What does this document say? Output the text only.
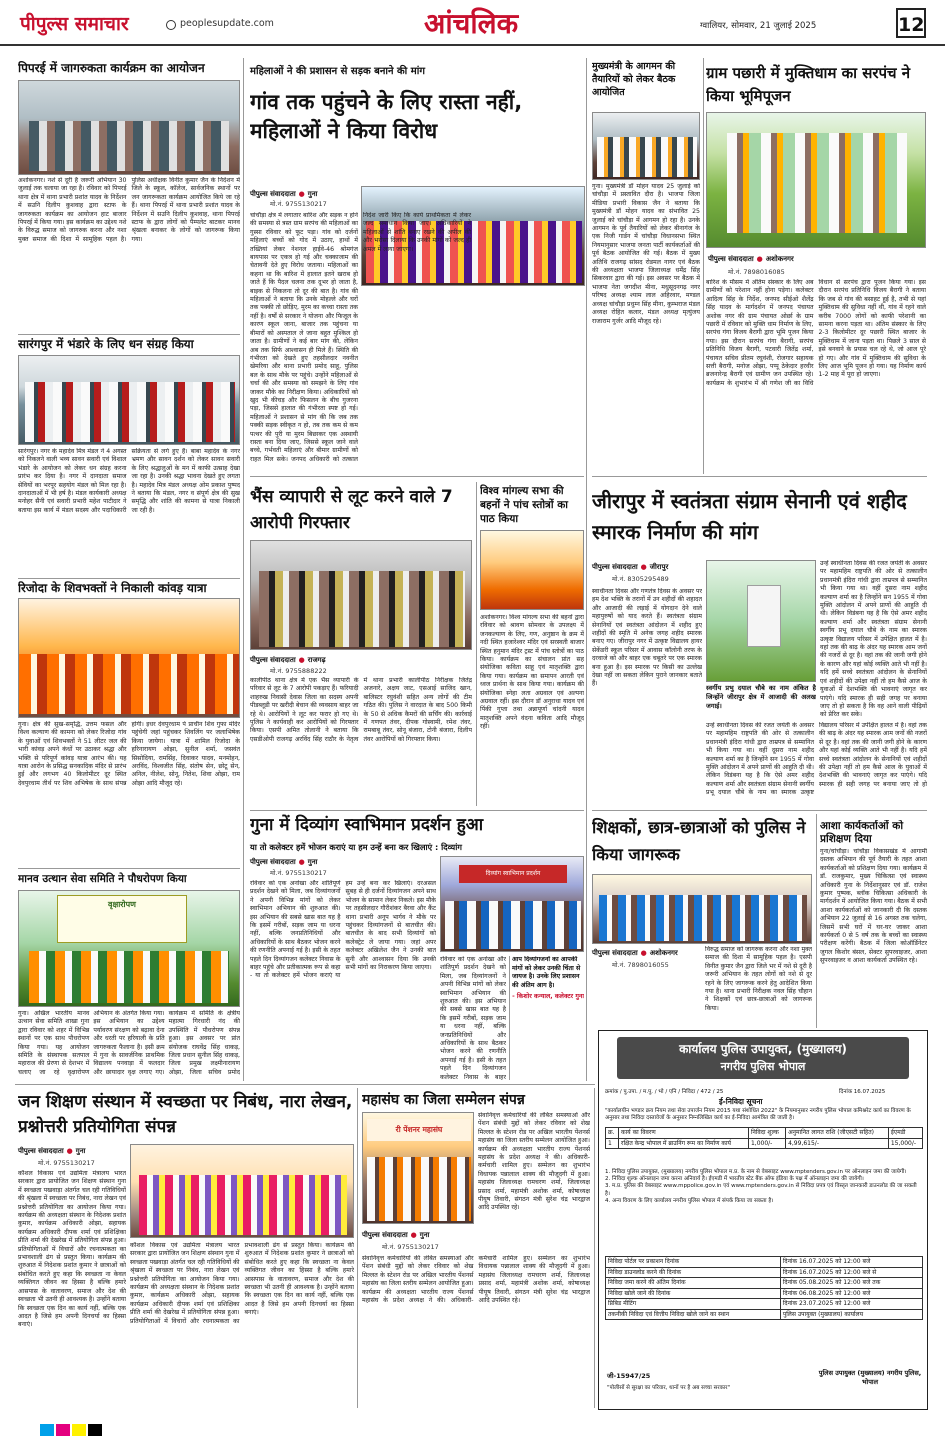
पीपुल्स समाचार	peoplesupdate.com	आंचलिक	ग्वालियर, सोमवार, 21 जुलाई 2025	12
पिपरई में जागरुकता कार्यक्रम का आयोजन
अशोकनगर। नशे से दूरी है जरूरी अभियान 30 जुलाई तक चलाया जा रहा है। रविवार को पिपरई थाना क्षेत्र में थाना प्रभारी प्रशांत यादव के निर्देशन में सउनि दिलीप कुशवाह द्वारा स्टाफ के जागरुकता कार्यक्रम का आयोजन हाट बाजार पिपरई में किया गया। इस कार्यक्रम का उद्देश्य नशे के विरुद्ध समाज को जागरुक करना और नशा मुक्त समाज की दिशा में सामूहिक पहल है। पुलिस अधीक्षक विनीत कुमार जैन के निर्देशन में जिले के स्कूल, कॉलेज, सार्वजनिक स्थानों पर जन जागरूकता कार्यक्रम आयोजित किये जा रहे हैं। थाना पिपरई में थाना प्रभारी प्रशांत यादव के निर्देशन में सउनि दिलीप कुशवाह, थाना पिपरई स्टाफ के द्वारा लोगों को पैम्पलेट बाटकर मानव श्रृंखला बनाकर के लोगों को जागरूक किया गया।
सारंगपुर में भंडारे के लिए धन संग्रह किया
सारंगपुर। नगर के महादेव मित्र मंडल ने 4 अगस्त को निकलने वाली भव्य सावन सवारी एवं विशाल भंडारे के आयोजन को लेकर धन संग्रह करना प्रारंभ कर दिया है। नगर में दानदाता समाज सेवियों का भरपूर सहयोग मंडल को मिल रहा है। दानदाताओं में भी हर्ष है। मंडल कार्यकारी अध्यक्ष मनोहर सैनी एवं सवारी प्रभारी महेश पाटीदार ने बताया इस कार्य में मंडल सदस्य और पदाधिकारी सक्रियता से लगे हुए हैं। बाबा महादेव के नगर भ्रमण और सावन दर्शन को लेकर सावन सवारी के लिए श्रद्धालुओं के मन में काफी उत्साह देखा जा रहा है। उनकी श्रद्धा भावना देखते हुए लगता है। महादेव मित्र मंडल अध्यक्ष ओम प्रकाश पुष्पद ने बताया कि मंडल, नगर व संपूर्ण क्षेत्र की सुख समृद्धि और शांति की कामना से यात्रा निकाली जा रही है।
रिजोदा के शिवभक्तों ने निकाली कांवड़ यात्रा
गुना। क्षेत्र की सुख-समृद्धि, उत्तम फसल और विश्व कल्याण की कामना को लेकर रिजोदा गांव के युवाओं एवं शिवभक्तों ने 51 लीटर जल की भारी कांवड़ अपने कंधों पर उठाकर श्रद्धा और भक्ति से परिपूर्ण कांवड़ यात्रा आरंभ की। यह यात्रा आरोन के प्रसिद्ध सनकादिक मंदिर से प्रारंभ हुई और लगभग 40 किलोमीटर दूर स्थित देवपुरधाम तीर्थ पर शिव अभिषेक के साथ संपन्न होगी। इधर देवपुरधाम पे प्राचीन शिव गुफा मंदिर पहुंचेगी जहां पहुंचकर शिवलिंग पर जलाभिषेक किया जायेगा। यात्रा में शामिल रिजोदा के हरिनारायण ओझा, सुनील शर्मा, जसवंत सिसोदिया, रामसिंह, दिवाकर यादव, मनमोहन, अरविंद, विश्वजीत सिंह, संतोष सेन, छोटू सेन, अनिल, नीलेश, सोनू, नितेश, शिवा ओझा, राम ओझा आदि मौजूद रहे।
मानव उत्थान सेवा समिति ने पौधरोपण किया
वृक्षारोपण
गुना। अखिल भारतीय मानव उत्थान सेवा समिति शाखा गुना द्वारा रविवार को शहर में विभिन्न स्थानों पर एक साथ पौधरोपण किया गया। यह आयोजन समिति के संस्थापक सतपाल महाराज की प्रेरणा से देशभर में चलाए जा रहे वृक्षारोपण अभियान के अंतर्गत किया गया। इस अभियान का उद्देश्य पर्यावरण संरक्षण को बढ़ावा देना और धरती पर हरियाली के प्रति जागरुकता फैलाना है। इसी क्रम में गुना के सावर्जनिक प्राथमिक विद्यालय पनवाड़ा में फलदार और छायादार वृक्ष लगाए गए। कार्यक्रम में समिति के क्षेत्रीय महात्मा गिरधारी नंद की उपस्थिति में पौधरोपण संपन्न हुआ। इस अवसर पर प्रांत संयोजक राघवेंद्र सिंह धाकड़, जिला प्रधान सुनील सिंह धाकड़, जिला प्रमुख लक्ष्मीनारायण ओझा, जिला सचिव प्रमोद
महिलाओं ने की प्रशासन से सड़क बनाने की मांग
गांव तक पहुंचने के लिए रास्ता नहीं, महिलाओं ने किया विरोध
पीपुल्स संवाददाता ● गुना
मो.नं. 9755130217
चांचौड़ा क्षेत्र में लगातार बारिश और सड़क न होने की समस्या से त्रस्त ग्राम सरपंच की महिलाओं का गुस्सा रविवार को फूट पड़ा। गांव को दर्जनों महिलाएं बच्चों को गोद में उठाए, हाथों में तख्तियां लेकर नेशनल हाईवे-46 श्रोमगंज बायपास पर एकत्र हो गई और चक्काजाम की चेतावनी देते हुए विरोध जताया। महिलाओं का कहना था कि बारिश में हालात इतने खराब हो जाते हैं कि पैदल चलना तक दूभर हो जाता है, बाइक से निकलना तो दूर की बात है। गांव की महिलाओं ने बताया कि उनके मोहल्ले और घरों तक पक्की तो छोड़िए, मुरम का कच्चा रास्ता तक नहीं है। वर्षों से सरकार ने योजना और फिजूल के कारण स्कूल जाना, बाजार तक पहुंचना या बीमारों को अस्पताल ले जाना बहुत मुश्किल हो जाता है। ग्रामीणों ने कई बार मांग की, लेकिन अब तक सिर्फ आश्वासन ही मिले हैं। स्थिति की गंभीरता को देखते हुए तहसीलदार नवनीत खेमरिया और थाना प्रभारी प्रमोद साहू, पुलिस बल के साथ मौके पर पहुंचे। उन्होंने महिलाओं से चर्चा की और समस्या को समझने के लिए गांव जाकर मौके का निरीक्षण किया। अधिकारियों को खुद भी कीचड़ और फिसलन के बीच गुजरना पड़ा, जिससे हालात की गंभीरता स्पष्ट हो गई। महिलाओं ने प्रशासन से मांग की कि जब तक पक्की सड़क स्वीकृत न हो, तब तक कम से कम पत्थर की पुरी या मुरम बिछाकर एक अस्थायी रास्ता बना दिया जाए, जिससे स्कूल जाने वाले बच्चे, गर्भवती महिलाएं और बीमार ग्रामीणों को राहत मिल सके। जनपद अधिकारी को तत्काल निर्देश जारी किए कि कार्य प्राथमिकता में लेकर जल्द समाधान किया जाए। अधिकारियों ने महिलाओं से शांति बनाए रखने की अपील की और भरोसा दिलाया कि उनकी मांगों को जल्द ही अमल में लाया जाएगा।
भैंस व्यापारी से लूट करने वाले 7 आरोपी गिरफ्तार
पीपुल्स संवाददाता ● राजगढ़
मो.नं. 9755888222
कालीपीठ थाना क्षेत्र में एक भैंस व्यापारी के परिवार से लूट के 7 आरोपी पकड़ाए हैं। फरियादी शाहरुख निवासी देवास जिला का सदस्य अपनी पीडब्लूडी पर खरीदी बेचान की व्यवसाय बाहर जा रहे थे। आरोपियों ने लूट कर फरार हो गए थे। पुलिस ने कार्यवाही कर आरोपियों को गिरफ्तार किया। एसपी अमित तोलानी ने बताया कि एसडीओपी राजगढ़ अरविंद सिंह राठौर के नेतृत्व में थाना प्रभारी कालीपीठ निरीक्षक जितेंद्र अजनारे, अक्षय जाट, एसआई साजिद खान, बालिस्टर रघुवंशी सहित अन्य लोगों की टीम गठित की। पुलिस ने वारदात के बाद 500 किमी के 50 से अधिक कैमरों की सर्चिंग की। कार्रवाई में गणपत तंवर, दीपक गोस्वामी, रमेश तंवर, रामबाबू तंवर, सोनू बंजारा, टोनी बंजारा, दिलीप तंवर आरोपियों को गिरफ्तार किया।
विश्व मांगल्य सभा की बहनों ने पांच स्तोत्रों का पाठ किया
अशोकनगर। विश्व मांगल्य सभा की बहनों द्वारा रविवार को श्रावण सोमवार के उपलक्ष्य में जनकल्याण के लिए, गण, अनुष्ठान के क्रम में नदी स्थित हजारेश्वर मंदिर एवं सरस्वती बाजार स्थित हनुमान मंदिर ट्रस्ट में पांच स्तोत्रों का पाठ किया। कार्यक्रम का संचालन प्रांत सह संयोजिका कविता साहू एवं मातृशक्ति द्वारा किया गया। कार्यक्रम का समापन आरती एवं ध्वज प्रार्थना के साथ किया गया। कार्यक्रम की संयोजिका स्नेहा लता अग्रवाल एवं अल्पना अग्रवाल रहीं। इस दौरान डॉ अनुराधा यादव एवं पिंकी गुप्ता तथा अन्नापूर्णा चांदनी यादव मातृशक्ति अपने वंदना कविता आदि मौजूद रहीं।
गुना में दिव्यांग स्वाभिमान प्रदर्शन हुआ
या तो कलेक्टर हमें भोजन कराएं या हम उन्हें बना कर खिलाएं : दिव्यांग
पीपुल्स संवाददाता ● गुना
मो.नं. 9755130217	दिव्यांग स्वाभिमान प्रदर्शन
रविवार को एक अनोखा और शांतिपूर्ण प्रदर्शन देखने को मिला, जब दिव्यांगजनों ने अपनी विभिन्न मांगों को लेकर स्वाभिमान अभियान की शुरुआत की। इस अभियान की सबसे खास बात यह है कि इसमें गरीबों, सड़क जाम या धरना नहीं, बल्कि जनप्रतिनिधियों और अधिकारियों के साथ बैठकर भोजन करने की रणनीति अपनाई गई है। इसी के तहत पहले दिन दिव्यांगजन कलेक्टर निवास के बाहर पहुंचे और प्रतीकात्मक रूप से कहा - या तो कलेक्टर हमें भोजन कराएं या हम उन्हें बना कर खिलाएं। दरअसल सुबह से ही दर्जनों दिव्यांगजन अपने साथ भोजन के सामान लेकर निकले। इस मौके पर तहसीलदार गौरीशंकर बैरवा और कैंट थाना प्रभारी अनूप भार्गव ने मौके पर पहुंचकर दिव्यांगजनों से बातचीत की। बातचीत के बाद सभी दिव्यांगों को कलेक्ट्रेट ले जाया गया। जहां अपर कलेक्टर अखिलेश जैन ने उनकी बात सुनी और आश्वासन दिया कि उनकी सभी मांगों का निराकरण किया जाएगा।
रविवार को एक अनोखा और शांतिपूर्ण प्रदर्शन देखने को मिला, जब दिव्यांगजनों ने अपनी विभिन्न मांगों को लेकर स्वाभिमान अभियान की शुरुआत की। इस अभियान की सबसे खास बात यह है कि इसमें गरीबों, सड़क जाम या धरना नहीं, बल्कि जनप्रतिनिधियों और अधिकारियों के साथ बैठकर भोजन करने की रणनीति अपनाई गई है। इसी के तहत पहले दिन दिव्यांगजन कलेक्टर निवास के बाहर
आप दिव्यांगजनों का आपकी मांगों को लेकर उनकी चिंता से जायज है। उनके लिए प्रशासन की अंतिम आग है।
- किशोर कन्याल, कलेक्टर गुना
मुख्यमंत्री के आगमन की तैयारियों को लेकर बैठक आयोजित
गुना। मुख्यमंत्री डॉ मोहन यादव 25 जुलाई को चांचौड़ा में प्रस्तावित दौरा है। भाजपा जिला मीडिया प्रभारी विकास जैन ने बताया कि मुख्यमंत्री डॉ मोहन यादव का संभावित 25 जुलाई को चांचौड़ा में आगमन हो रहा है। उनके आगमन के पूर्व तैयारियों को लेकर बीनागंज के एक निजी गार्डन में चांचौड़ा विधानसभा स्थित नियमानुसार भाजपा जनता पार्टी कार्यकर्ताओं की पूर्व बैठक आयोजित की गई। बैठक में मुख्य अतिथि राजगढ़ सांसद रोडमल नागर एवं बैठक की अध्यक्षता भाजपा जिलाध्यक्ष धर्मेंद्र सिंह सिकरवार द्वारा की गई। इस अवसर पर बैठक में भाजपा नेता जगदीश मीना, मधुसूदनगढ़ नगर परिषद अध्यक्ष श्याम लाल अहिरवार, मण्डल अध्यक्ष चांचौड़ा प्रधुम्न सिंह मीना, कुम्भराज मंडल अध्यक्ष रोहित कलार, मंडल अध्यक्ष मृत्युंजय राजाराम गुर्जर आदि मौजूद रहे।
ग्राम पछारी में मुक्तिधाम का सरपंच ने किया भूमिपूजन
पीपुल्स संवाददाता ● अशोकनगर
मो.नं. 7898016085
बारिश के मौसम में अंतिम संस्कार के लिए अब ग्रामीणों को परेशान नहीं होना पड़ेगा। कलेक्टर आदित्य सिंह के निर्देश, जनपद सीईओ शैलेंद्र सिंह यादव के मार्गदर्शन में जनपद पंचायत अशोक नगर की ग्राम पंचायत ओर्छा के ग्राम पछारी में रविवार को मुक्ति धाम निर्माण के लिए, सरपंच गंगा विजय बैरागी द्वारा भूमि पूजन किया गया। इस दौरान सरपंच गंगा बैरागी, सरपंच प्रतिनिधि विजय बैरागी, पटवारी जितेंद्र शर्मा, पंचायत सचिव प्रीतम रघुवंशी, रोजगार सहायक सत्ती बैरागी, मनोज ओझा, पप्पू ठेकेदार हरवीर ब्रजनारेन्द्र बैरागी एवं ग्रामीण जन उपस्थित रहे। कार्यक्रम के शुभारंभ में श्री गणेश जी का विधि विधान से सरपंच द्वारा पूजन किया गया। इस दौरान सरपंच प्रतिनिधि विजय बैरागी ने बताया कि जब से गांव की बसाहट हुई है, तभी से यहां मुक्तिधाम की सुविधा नहीं थी, गांव में रहने वाले करीब 7000 लोगों को काफी परेशानी का सामना करना पड़ता था। अंतिम संस्कार के लिए 2-3 किलोमीटर दूर पछारी स्थित बाजार के मुक्तिधाम में जाना पड़ता था। पिछले 3 साल से इसे बनवाने के प्रयास चल रहे थे, जो आज पूरे हो गए। और गांव में मुक्तिधाम की सुविधा के लिए आज भूमि पूजन हो गया। यह निर्माण कार्य 1-2 माह में पूरा हो जाएगा।
जीरापुर में स्वतंत्रता संग्राम सेनानी एवं शहीद स्मारक निर्माण की मांग
पीपुल्स संवाददाता ● जीरापुर
मो.नं. 8305295489
स्वाधीनता दिवस और गणतंत्र दिवस के अवसर पर हम देश भक्ति के तरानों में उन शहीदों की शहादत और आजादी की लड़ाई में योगदान देने वाले महापुरुषों को याद करते हैं। स्वतंत्रता संग्राम सेनानियों एवं स्वतंत्रता आंदोलन में शहीद हुए शहीदों की स्मृति में अनेक जगह शहीद स्मारक बनाए गए। जीरापुर नगर में उत्कृष्ट विद्यालय हायर सेकेंडरी स्कूल परिसर में आवास काॅलोनी तरफ के दरवाजे को और बाहर एक चबूतरे पर एक स्मारक बना हुआ है। इस स्मारक पर किसी का उल्लेख देखा नहीं जा सकता लेकिन पुराने जानकार बताते हैं।
स्वर्गीय प्रभु दयाल चौबे का नाम अंकित है जिन्होंने जीरापुर क्षेत्र में आजादी की अलख जगाई।
उन्हें स्वाधीनता दिवस की रजत जयंती के अवसर पर महामहिम राष्ट्रपति की ओर से तत्कालीन प्रधानमंत्री इंदिरा गांधी द्वारा ताम्रपत्र से सम्मानित भी किया गया था। वहीं दूसरा नाम शहीद कल्याण शर्मा का है जिन्होंने सन 1955 में गोवा मुक्ति आंदोलन में अपने प्राणों की आहुति दी थी। लेकिन विडंबना यह है कि ऐसे अमर शहीद कल्याण शर्मा और स्वतंत्रता संग्राम सेनानी स्वर्गीय प्रभू दयाल चौबे के नाम का स्मारक उत्कृष्ट विद्यालय परिसर में उपेक्षित हालत में है। वहां तक की बाढ़ के अंदर यह स्मारक आम जनों की नजरों से दूर है। वहां तक की जानी जगी होने के कारण और यहां कोई व्यक्ति आते भी नहीं है। यदि हमें सच्चे स्वतंत्रता आंदोलन के सेनानियों एवं शहीदों की उपेक्षा नहीं तो हम कैसे आज के युवाओं में देशभक्ति की भावनाएं जागृत कर पाएंगे। यदि स्मारक ही सही जगह पर बनाया जाए तो हो
उन्हें स्वाधीनता दिवस की रजत जयंती के अवसर पर महामहिम राष्ट्रपति की ओर से तत्कालीन प्रधानमंत्री इंदिरा गांधी द्वारा ताम्रपत्र से सम्मानित भी किया गया था। वहीं दूसरा नाम शहीद कल्याण शर्मा का है जिन्होंने सन 1955 में गोवा मुक्ति आंदोलन में अपने प्राणों की आहुति दी थी। लेकिन विडंबना यह है कि ऐसे अमर शहीद कल्याण शर्मा और स्वतंत्रता संग्राम सेनानी स्वर्गीय प्रभू दयाल चौबे के नाम का स्मारक उत्कृष्ट विद्यालय परिसर में उपेक्षित हालत में है। वहां तक की बाढ़ के अंदर यह स्मारक आम जनों की नजरों से दूर है। वहां तक की जानी जगी होने के कारण और यहां कोई व्यक्ति आते भी नहीं है। यदि हमें सच्चे स्वतंत्रता आंदोलन के सेनानियों एवं शहीदों की उपेक्षा नहीं तो हम कैसे आज के युवाओं में देशभक्ति की भावनाएं जागृत कर पाएंगे। यदि स्मारक ही सही जगह पर बनाया जाए तो हो सकता है कि वह आने वाली पीढ़ियों को प्रेरित कर सके।
शिक्षकों, छात्र-छात्राओं को पुलिस ने किया जागरूक
पीपुल्स संवाददाता ● अशोकनगर
मो.नं. 7898016055
विरुद्ध समाज को जागरुक करना और नशा मुक्त समाज की दिशा में सामूहिक पहल है। एसपी विनीत कुमार जैन द्वारा जिले भर में नशे से दूरी है जरूरी अभियान के तहत लोगों को नशे से दूर रहने के लिए जागरूक करने हेतु आदेशित किया गया है। थाना प्रभारी निरीक्षक नवल सिंह चौहान ने शिक्षकों एवं छात्र-छात्राओं को जागरूक किया।
आशा कार्यकर्ताओं को प्रशिक्षण दिया
गुना/चांचौड़ा। चांचौड़ा विकासखंड में आगामी दस्तक अभियान की पूर्व तैयारी के तहत आशा कार्यकर्ताओं को प्रशिक्षण दिया गया। कार्यक्रम में डॉ. राजकुमार, मुख्य चिकित्सा एवं स्वास्थ्य अधिकारी गुना के निर्देशानुसार एवं डॉ. राजेश कुमार पुष्पक, ब्लॉक चिकित्सा अधिकारी के मार्गदर्शन में आयोजित किया गया। बैठक में सभी आशा कार्यकर्ताओं को जानकारी दी कि दस्तक अभियान 22 जुलाई से 16 अगस्त तक चलेगा, जिसमें सभी घरों में घर-घर जाकर आशा कार्यकर्ता 0 से 5 वर्ष तक के बच्चों का स्वास्थ्य परीक्षण करेंगी। बैठक में जिला कोऑर्डिनेटर जुगल किशोर बंसल, सेक्टर सुपरवाइजर, आशा सुपरवाइजर व आशा कार्यकर्ता उपस्थित रहे।
कार्यालय पुलिस उपायुक्त, (मुख्यालय)
नगरीय पुलिस भोपाल
क्रमांक / पु.उपा. / म.पु. / भो / एनि / निविदा / 472 / 25	दिनांक 16.07.2025
ई-निविदा सूचना
"कार्यालयीन भण्डार क्रय नियम तथा सेवा उपार्जन नियम 2015 यथा संशोधित 2022" के नियमानुसार नगरीय पुलिस भोपाल कमिश्नरेट कार्य का विवरण के अनुसार तथा निविदा दस्तावेजों के अनुसार निम्नलिखित कार्य का ई-निविदा आमंत्रित की जाती है।
क्र.	कार्य का विवरण	निविदा शुल्क	अनुमानित लागत राशि (जीएसटी सहित)	ईएमडी
1	रक्षित केन्द्र भोपाल में ब्राउनिंग रूम का निर्माण कार्य	1,000/-	4,99,615/-	15,000/-
1. निविदा पुलिस उपायुक्त, (मुख्यालय) नगरीय पुलिस भोपाल म.प्र. के नाम से वेबसाइट www.mptenders.gov.in पर ऑनलाइन जमा की जायेगी।
2. निविदा शुल्क ऑनलाइन जमा करना अनिवार्य है। ईएमडी में भारतीय स्टेट बैंक ऑफ इंडिया के पक्ष में ऑनलाइन जमा की जायेगी।
3. म.प्र. पुलिस की वेबसाइट www.mppolice.gov.in एवं www.mptenders.gov.in से निविदा प्रपत्र एवं विस्तृत जानकारी डाउनलोड की जा सकती है।
4. अन्य विवरण के लिए कार्यालय नगरीय पुलिस भोपाल में संपर्क किया जा सकता है।
निविदा पोर्टल पर प्रकाशन दिनांक	दिनांक 16.07.2025 को 12:00 बजे
निविदा डाउनलोड करने की दिनांक	दिनांक 16.07.2025 को 12:00 बजे से
निविदा जमा करने की अंतिम दिनांक	दिनांक 05.08.2025 को 12:00 बजे तक
निविदा खोले जाने की दिनांक	दिनांक 06.08.2025 को 12:00 बजे
प्रिबिड मीटिंग	दिनांक 23.07.2025 को 12:00 बजे
तकनीकी निविदा एवं वित्तीय निविदा खोले जाने का स्थान	पुलिस उपायुक्त (मुख्यालय) कार्यालय
जी-15947/25
"पोलीसों से सुरक्षा का परिवार, थानों पर है अब सच्चा सरकार"
पुलिस उपायुक्त (मुख्यालय) नगरीय पुलिस, भोपाल
जन शिक्षण संस्थान में स्वच्छता पर निबंध, नारा लेखन, प्रश्नोत्तरी प्रतियोगिता संपन्न
पीपुल्स संवाददाता ● गुना
मो.नं. 9755130217
कौशल विकास एवं उद्यमिता मंत्रालय भारत सरकार द्वारा प्रायोजित जन शिक्षण संस्थान गुना में स्वच्छता पखवाड़ा अंतर्गत चल रही गतिविधियों की श्रृंखला में स्वच्छता पर निबंध, नारा लेखन एवं प्रश्नोत्तरी प्रतियोगिता का आयोजन किया गया। कार्यक्रम की अध्यक्षता संस्थान के निदेशक प्रशांत कुमार, कार्यक्रम अधिकारी ओझा, सहायक कार्यक्रम अधिकारी दीपक शर्मा एवं प्रशिक्षिका प्रीति शर्मा की देखरेख में प्रतियोगिता संपन्न हुआ। प्रतियोगिताओं में विचारों और रचनात्मकता का प्रभावशाली ढंग से प्रस्तुत किया। कार्यक्रम की शुरुआत में निदेशक प्रशांत कुमार ने छात्राओं को संबोधित करते हुए कहा कि स्वच्छता ना केवल व्यक्तिगत जीवन का हिस्सा है बल्कि हमारे आसपास के वातावरण, समाज और देश की स्वच्छता भी उतनी ही आवश्यक है। उन्होंने बताया कि स्वच्छता एक दिन का कार्य नहीं, बल्कि एक आदत है जिसे हम अपनी दिनचर्या का हिस्सा बनाएं।
कौशल विकास एवं उद्यमिता मंत्रालय भारत सरकार द्वारा प्रायोजित जन शिक्षण संस्थान गुना में स्वच्छता पखवाड़ा अंतर्गत चल रही गतिविधियों की श्रृंखला में स्वच्छता पर निबंध, नारा लेखन एवं प्रश्नोत्तरी प्रतियोगिता का आयोजन किया गया। कार्यक्रम की अध्यक्षता संस्थान के निदेशक प्रशांत कुमार, कार्यक्रम अधिकारी ओझा, सहायक कार्यक्रम अधिकारी दीपक शर्मा एवं प्रशिक्षिका प्रीति शर्मा की देखरेख में प्रतियोगिता संपन्न हुआ। प्रतियोगिताओं में विचारों और रचनात्मकता का प्रभावशाली ढंग से प्रस्तुत किया। कार्यक्रम की शुरुआत में निदेशक प्रशांत कुमार ने छात्राओं को संबोधित करते हुए कहा कि स्वच्छता ना केवल व्यक्तिगत जीवन का हिस्सा है बल्कि हमारे आसपास के वातावरण, समाज और देश की स्वच्छता भी उतनी ही आवश्यक है। उन्होंने बताया कि स्वच्छता एक दिन का कार्य नहीं, बल्कि एक आदत है जिसे हम अपनी दिनचर्या का हिस्सा बनाएं।
महासंघ का जिला सम्मेलन संपन्न
री पेंशनर महासंघ
पीपुल्स संवाददाता ● गुना
मो.नं. 9755130217
सेवानिवृत्त कर्मचारियों की लंबित समस्याओं और पेंशन संबंधी मुद्दों को लेकर रविवार को शेख मिल्लत के स्टेशन रोड पर अखिल भारतीय पेंशनर्स महासंघ का जिला स्तरीय सम्मेलन आयोजित हुआ। कार्यक्रम की अध्यक्षता भारतीय राज्य पेंशनर्स महासंघ के प्रदेश अध्यक्ष ने की। अधिकारी-कर्मचारी शामिल हुए। सम्मेलन का शुभारंभ विधायक पन्नालाल शाक्य की मौजूदगी में हुआ। महासंघ जिलाध्यक्ष रामचरण शर्मा, जिलाध्यक्ष प्रसाद शर्मा, महामंत्री अशोक शर्मा, कोषाध्यक्ष पीयूष तिवारी, संगठन मंत्री सुरेश चंद्र भारद्वाज आदि उपस्थित रहे।
सेवानिवृत्त कर्मचारियों की लंबित समस्याओं और पेंशन संबंधी मुद्दों को लेकर रविवार को शेख मिल्लत के स्टेशन रोड पर अखिल भारतीय पेंशनर्स महासंघ का जिला स्तरीय सम्मेलन आयोजित हुआ। कार्यक्रम की अध्यक्षता भारतीय राज्य पेंशनर्स महासंघ के प्रदेश अध्यक्ष ने की। अधिकारी-कर्मचारी शामिल हुए। सम्मेलन का शुभारंभ विधायक पन्नालाल शाक्य की मौजूदगी में हुआ। महासंघ जिलाध्यक्ष रामचरण शर्मा, जिलाध्यक्ष प्रसाद शर्मा, महामंत्री अशोक शर्मा, कोषाध्यक्ष पीयूष तिवारी, संगठन मंत्री सुरेश चंद्र भारद्वाज आदि उपस्थित रहे।
